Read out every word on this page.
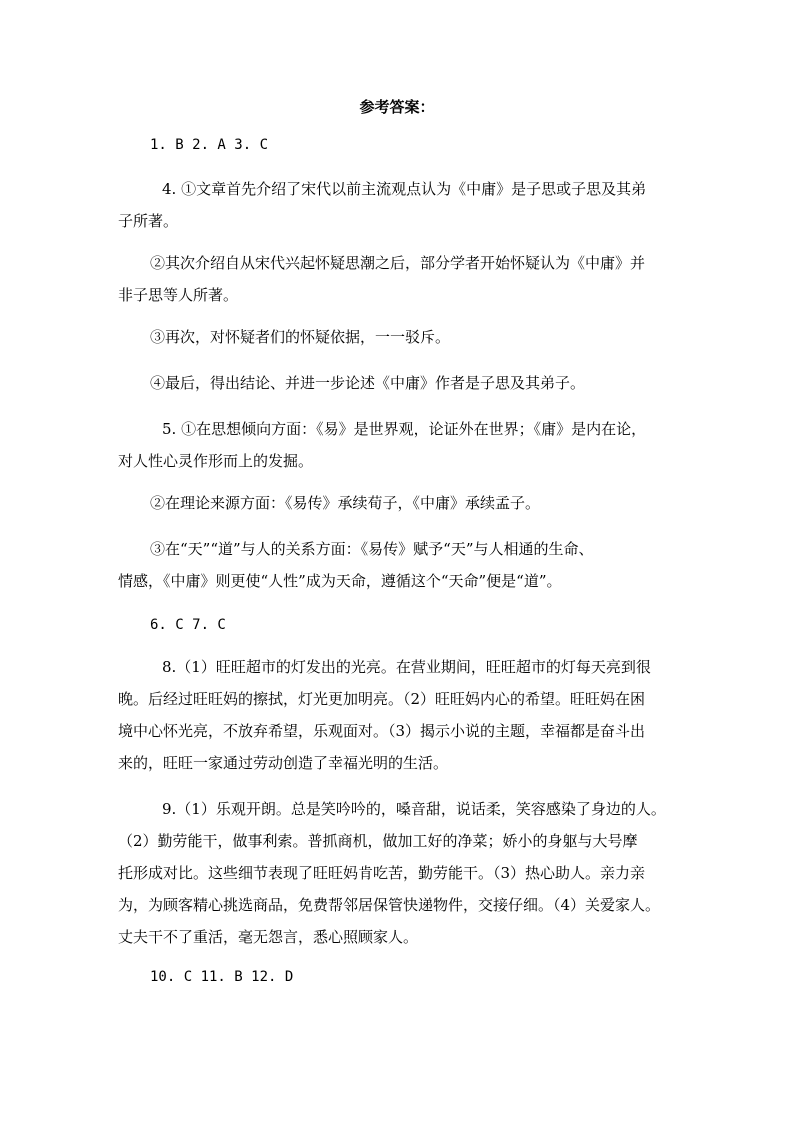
参考答案：
1. B 2. A 3. C
4. ①文章首先介绍了宋代以前主流观点认为《中庸》是子思或子思及其弟
子所著。
②其次介绍自从宋代兴起怀疑思潮之后，部分学者开始怀疑认为《中庸》并
非子思等人所著。
③再次，对怀疑者们的怀疑依据，一一驳斥。
④最后，得出结论、并进一步论述《中庸》作者是子思及其弟子。
5. ①在思想倾向方面：《易》是世界观，论证外在世界；《庸》是内在论，
对人性心灵作形而上的发掘。
②在理论来源方面：《易传》承续荀子，《中庸》承续孟子。
③在“天”“道”与人的关系方面：《易传》赋予“天”与人相通的生命、
情感，《中庸》则更使“人性”成为天命，遵循这个“天命”便是“道”。
6. C 7. C
8.（1）旺旺超市的灯发出的光亮。在营业期间，旺旺超市的灯每天亮到很
晚。后经过旺旺妈的擦拭，灯光更加明亮。（2）旺旺妈内心的希望。旺旺妈在困
境中心怀光亮，不放弃希望，乐观面对。（3）揭示小说的主题，幸福都是奋斗出
来的，旺旺一家通过劳动创造了幸福光明的生活。
9.（1）乐观开朗。总是笑吟吟的，嗓音甜，说话柔，笑容感染了身边的人。
（2）勤劳能干，做事利索。普抓商机，做加工好的净菜；娇小的身躯与大号摩
托形成对比。这些细节表现了旺旺妈肯吃苦，勤劳能干。（3）热心助人。亲力亲
为，为顾客精心挑选商品，免费帮邻居保管快递物件，交接仔细。（4）关爱家人。
丈夫干不了重活，毫无怨言，悉心照顾家人。
10. C 11. B 12. D
